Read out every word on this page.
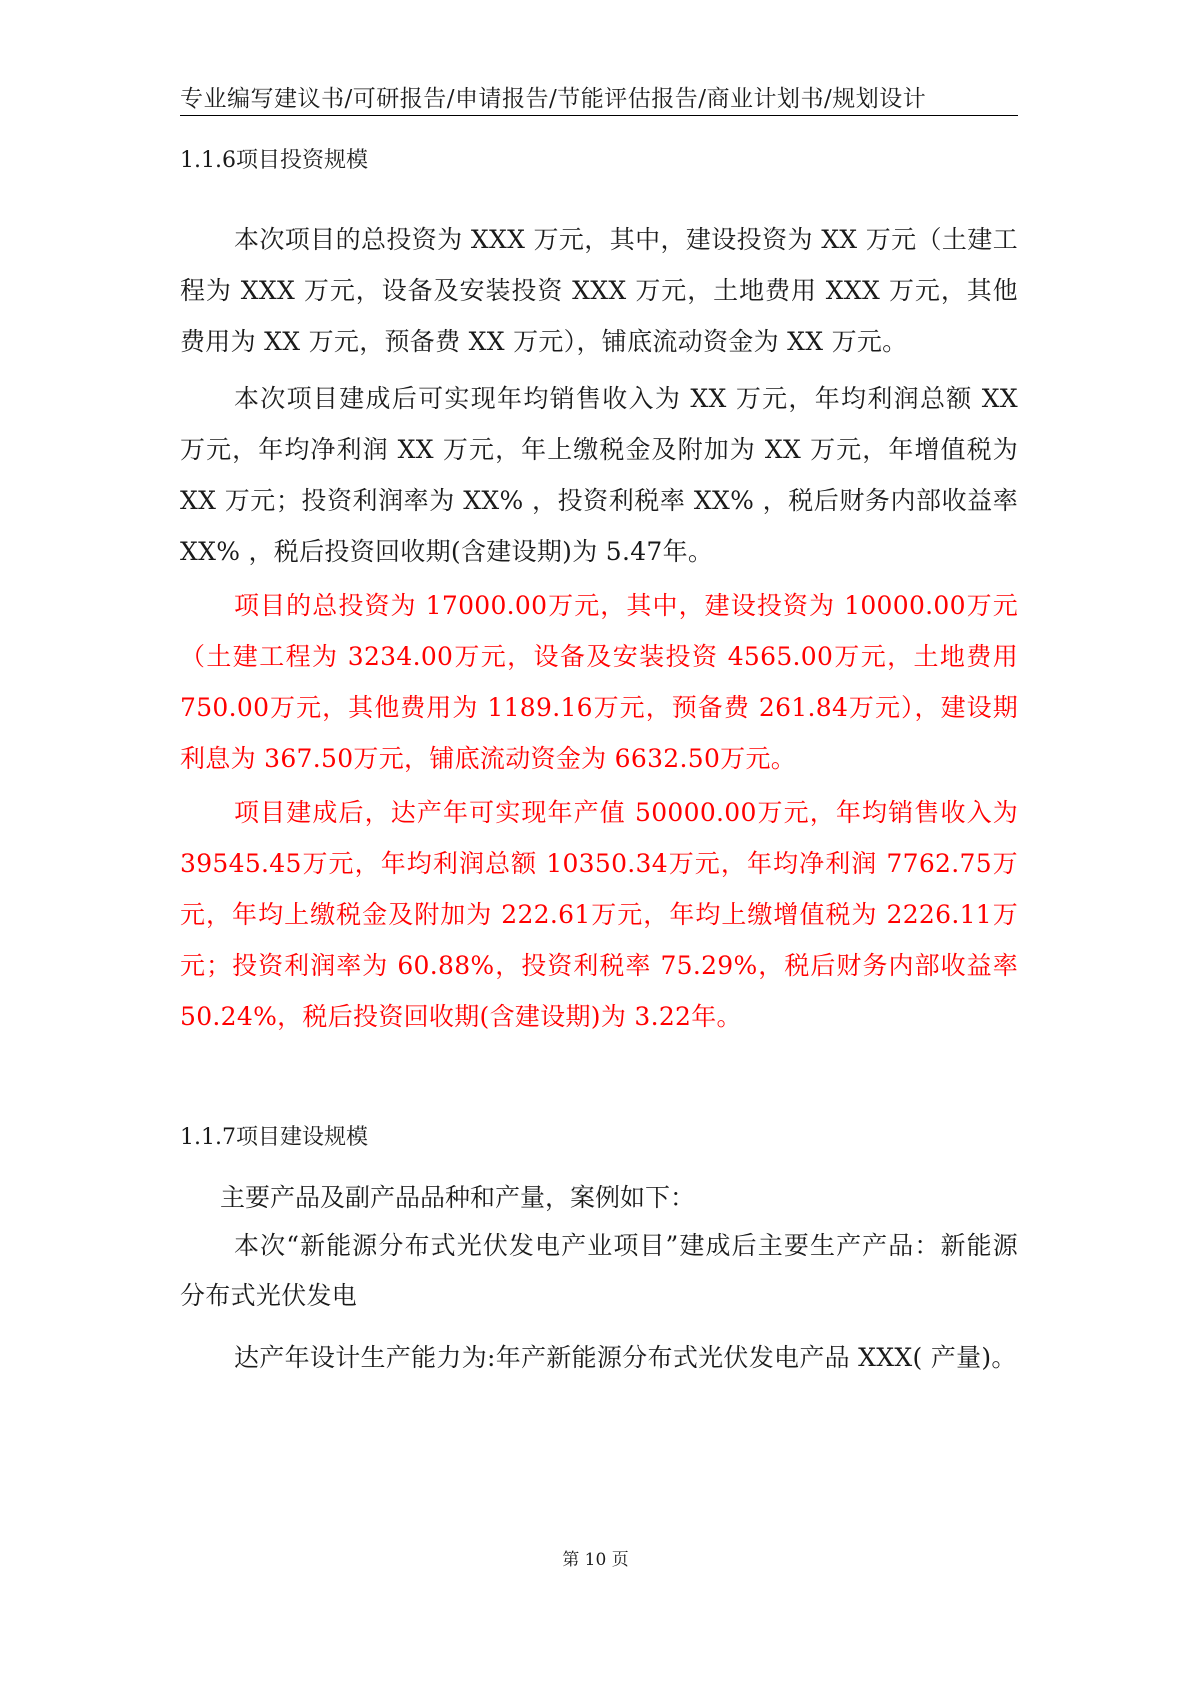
专业编写建议书/可研报告/申请报告/节能评估报告/商业计划书/规划设计
1.1.6项目投资规模

本次项目的总投资为 XXX 万元，其中，建设投资为 XX 万元（土建工程为 XXX 万元，设备及安装投资 XXX 万元，土地费用 XXX 万元，其他费用为 XX 万元，预备费 XX 万元），铺底流动资金为 XX 万元。

本次项目建成后可实现年均销售收入为 XX 万元，年均利润总额 XX 万元，年均净利润 XX 万元，年上缴税金及附加为 XX 万元，年增值税为 XX 万元；投资利润率为 XX% ，投资利税率 XX% ，税后财务内部收益率 XX% ，税后投资回收期(含建设期)为 5.47年。

项目的总投资为 17000.00万元，其中，建设投资为 10000.00万元（土建工程为 3234.00万元，设备及安装投资 4565.00万元，土地费用 750.00万元，其他费用为 1189.16万元，预备费 261.84万元），建设期利息为 367.50万元，铺底流动资金为 6632.50万元。

项目建成后，达产年可实现年产值 50000.00万元，年均销售收入为 39545.45万元，年均利润总额 10350.34万元，年均净利润 7762.75万元，年均上缴税金及附加为 222.61万元，年均上缴增值税为 2226.11万元；投资利润率为 60.88%，投资利税率 75.29%，税后财务内部收益率 50.24%，税后投资回收期(含建设期)为 3.22年。

1.1.7项目建设规模

主要产品及副产品品种和产量，案例如下：

本次“新能源分布式光伏发电产业项目”建成后主要生产产品：新能源分布式光伏发电

达产年设计生产能力为:年产新能源分布式光伏发电产品 XXX( 产量)。

第 10 页
